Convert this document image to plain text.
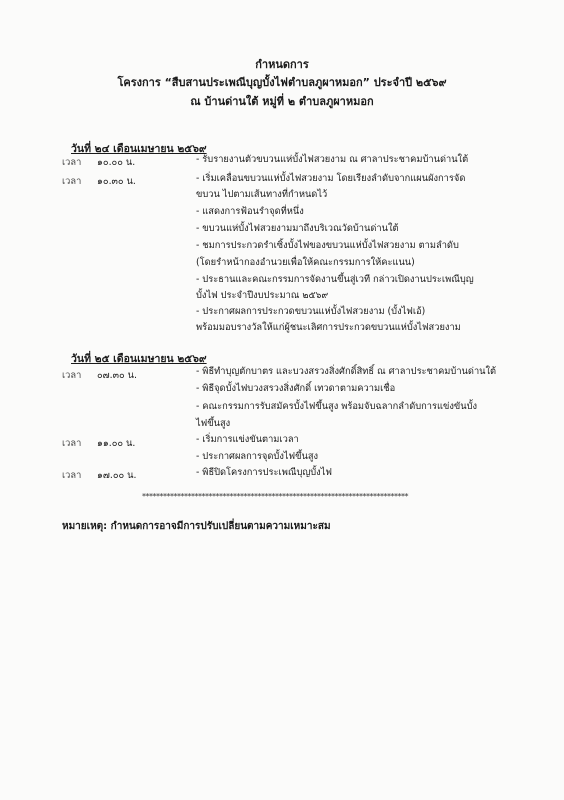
กำหนดการ
โครงการ “สืบสานประเพณีบุญบั้งไฟตำบลภูผาหมอก” ประจำปี ๒๕๖๙
ณ บ้านด่านใต้ หมู่ที่ ๒ ตำบลภูผาหมอก
วันที่ ๒๔ เดือนเมษายน ๒๕๖๙
เวลา ๑๐.๐๐ น.
เวลา ๑๐.๓๐ น.
- รับรายงานตัวขบวนแห่บั้งไฟสวยงาม ณ ศาลาประชาคมบ้านด่านใต้
- เริ่มเคลื่อนขบวนแห่บั้งไฟสวยงาม โดยเรียงลำดับจากแผนผังการจัด
ขบวน ไปตามเส้นทางที่กำหนดไว้
- แสดงการฟ้อนรำจุดที่หนึ่ง
- ขบวนแห่บั้งไฟสวยงามมาถึงบริเวณวัดบ้านด่านใต้
- ชมการประกวดรำเซิ้งบั้งไฟของขบวนแห่บั้งไฟสวยงาม ตามลำดับ
(โดยรำหน้ากองอำนวยเพื่อให้คณะกรรมการให้คะแนน)
- ประธานและคณะกรรมการจัดงานขึ้นสู่เวที กล่าวเปิดงานประเพณีบุญ
บั้งไฟ ประจำปีงบประมาณ ๒๕๖๙
- ประกาศผลการประกวดขบวนแห่บั้งไฟสวยงาม (บั้งไฟเอ้)
พร้อมมอบรางวัลให้แก่ผู้ชนะเลิศการประกวดขบวนแห่บั้งไฟสวยงาม
วันที่ ๒๕ เดือนเมษายน ๒๕๖๙
เวลา ๐๗.๓๐ น.
เวลา ๑๑.๐๐ น.
เวลา ๑๗.๐๐ น.
- พิธีทำบุญตักบาตร และบวงสรวงสิ่งศักดิ์สิทธิ์ ณ ศาลาประชาคมบ้านด่านใต้
- พิธีจุดบั้งไฟบวงสรวงสิ่งศักดิ์ เทวดาตามความเชื่อ
- คณะกรรมการรับสมัครบั้งไฟขึ้นสูง พร้อมจับฉลากลำดับการแข่งขันบั้ง
ไฟขึ้นสูง
- เริ่มการแข่งขันตามเวลา
- ประกาศผลการจุดบั้งไฟขึ้นสูง
- พิธีปิดโครงการประเพณีบุญบั้งไฟ
****************************************************************************
หมายเหตุ: กำหนดการอาจมีการปรับเปลี่ยนตามความเหมาะสม
